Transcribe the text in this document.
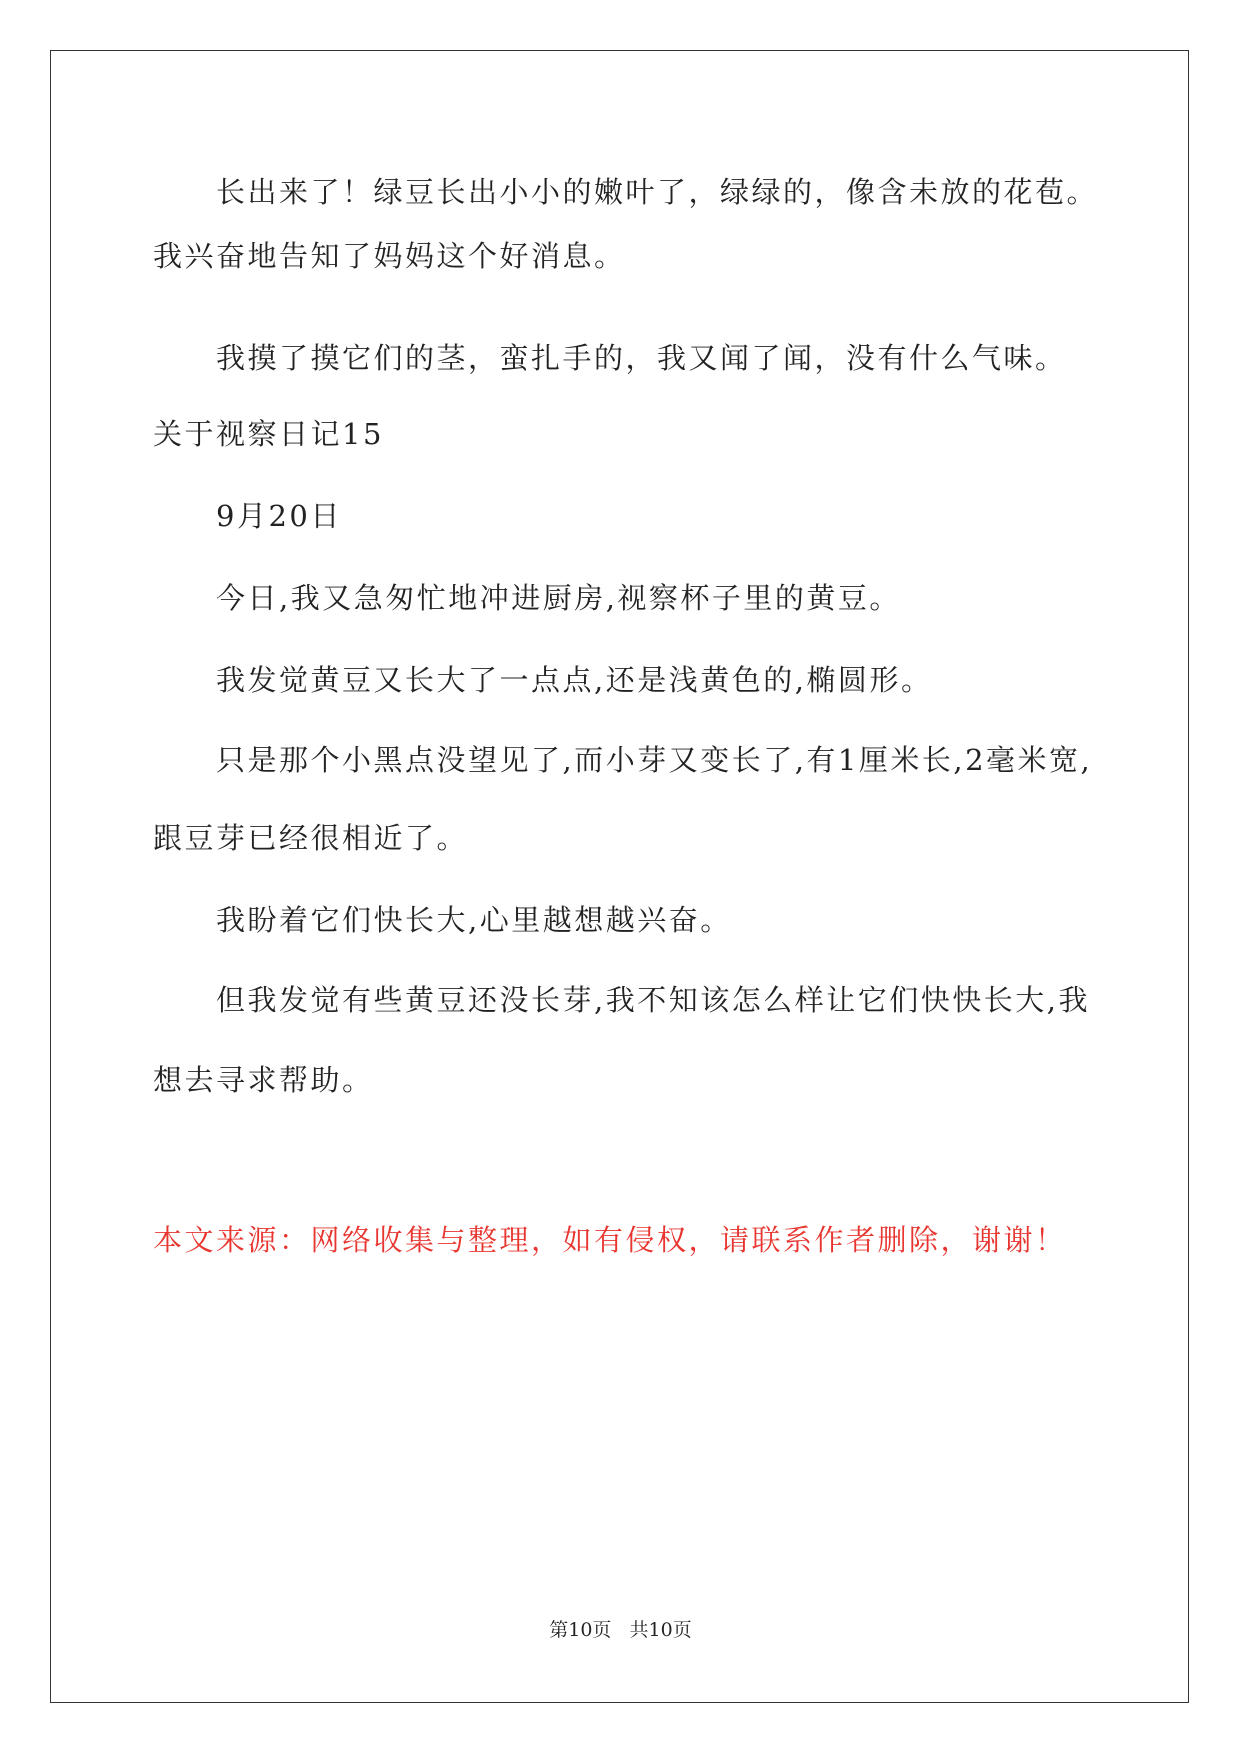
长出来了！绿豆长出小小的嫩叶了，绿绿的，像含未放的花苞。
我兴奋地告知了妈妈这个好消息。
我摸了摸它们的茎，蛮扎手的，我又闻了闻，没有什么气味。
关于视察日记15
9月20日
今日,我又急匆忙地冲进厨房,视察杯子里的黄豆。
我发觉黄豆又长大了一点点,还是浅黄色的,椭圆形。
只是那个小黑点没望见了,而小芽又变长了,有1厘米长,2毫米宽,
跟豆芽已经很相近了。
我盼着它们快长大,心里越想越兴奋。
但我发觉有些黄豆还没长芽,我不知该怎么样让它们快快长大,我
想去寻求帮助。
本文来源：网络收集与整理，如有侵权，请联系作者删除，谢谢！
第10页   共10页
